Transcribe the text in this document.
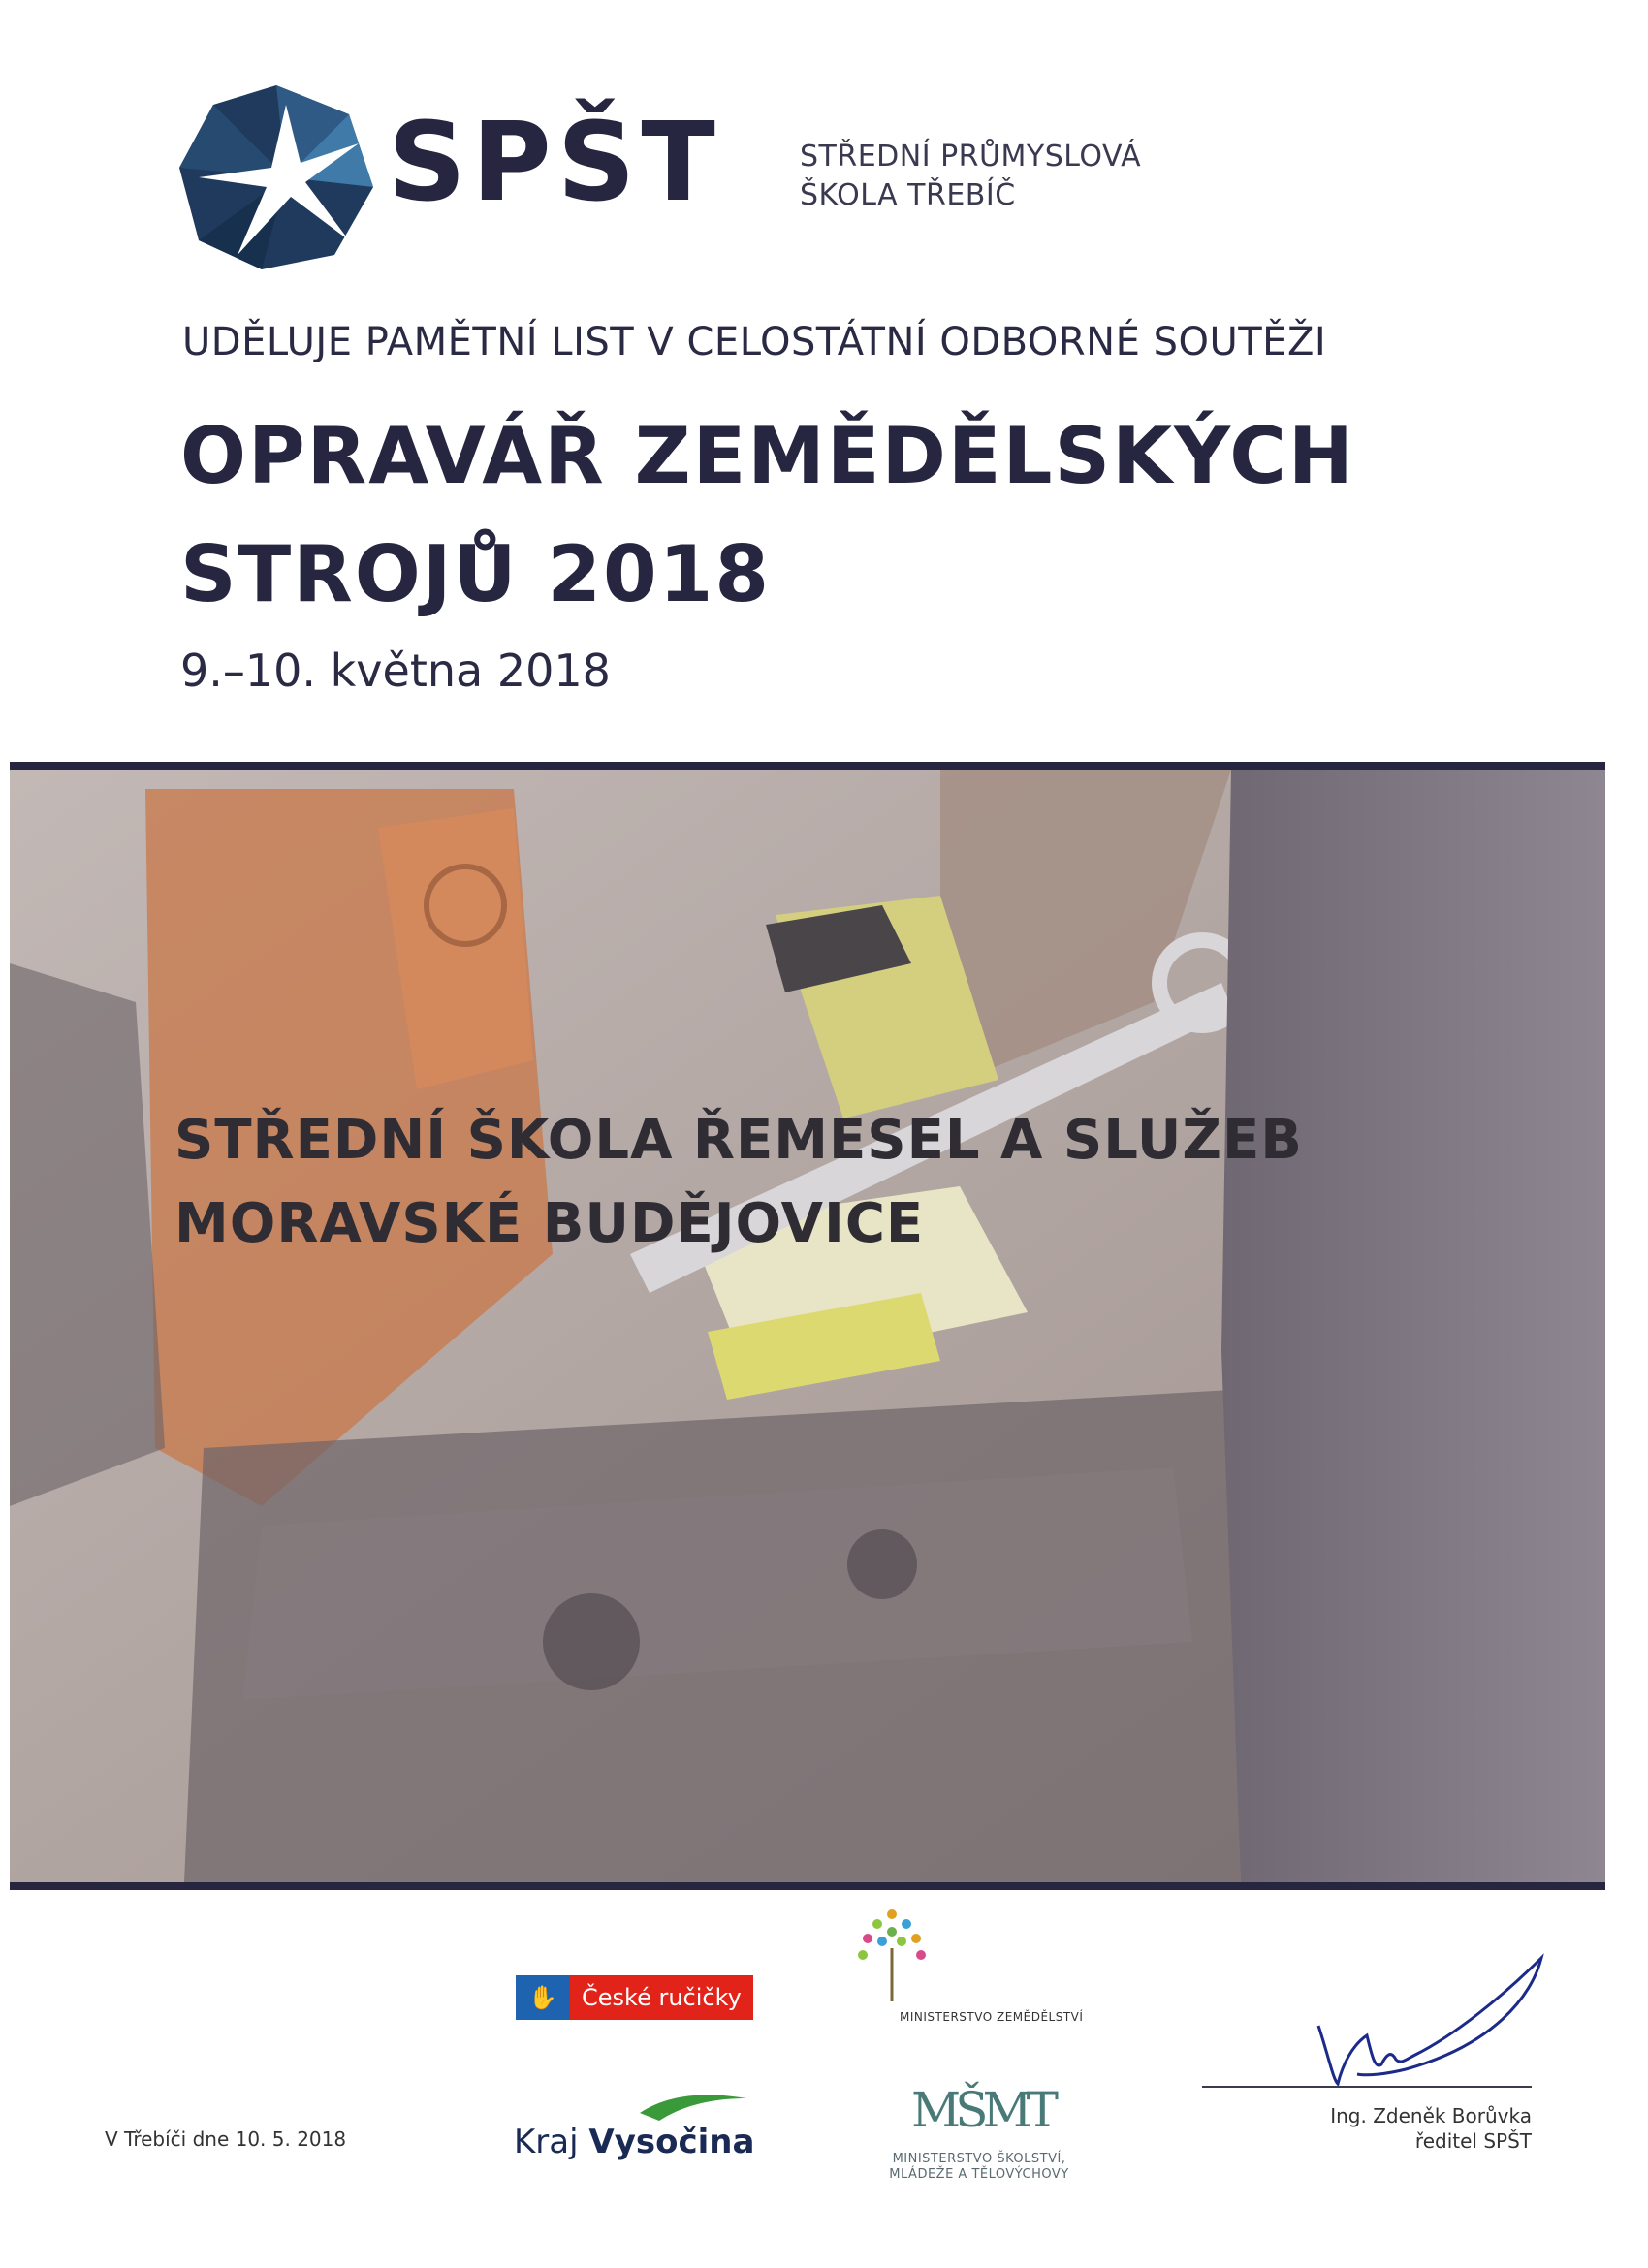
SPŠT	STŘEDNÍ PRŮMYSLOVÁ
ŠKOLA TŘEBÍČ
UDĚLUJE PAMĚTNÍ LIST V CELOSTÁTNÍ ODBORNÉ SOUTĚŽI
OPRAVÁŘ ZEMĚDĚLSKÝCH
STROJŮ 2018
9.–10. května 2018
STŘEDNÍ ŠKOLA ŘEMESEL A SLUŽEB
MORAVSKÉ BUDĚJOVICE
V Třebíči dne 10. 5. 2018
✋	České ručičky
Kraj Vysočina
MINISTERSTVO ZEMĚDĚLSTVÍ
MŠMT
MINISTERSTVO ŠKOLSTVÍ,
MLÁDEŽE A TĚLOVÝCHOVY
Ing. Zdeněk Borůvka
ředitel SPŠT
